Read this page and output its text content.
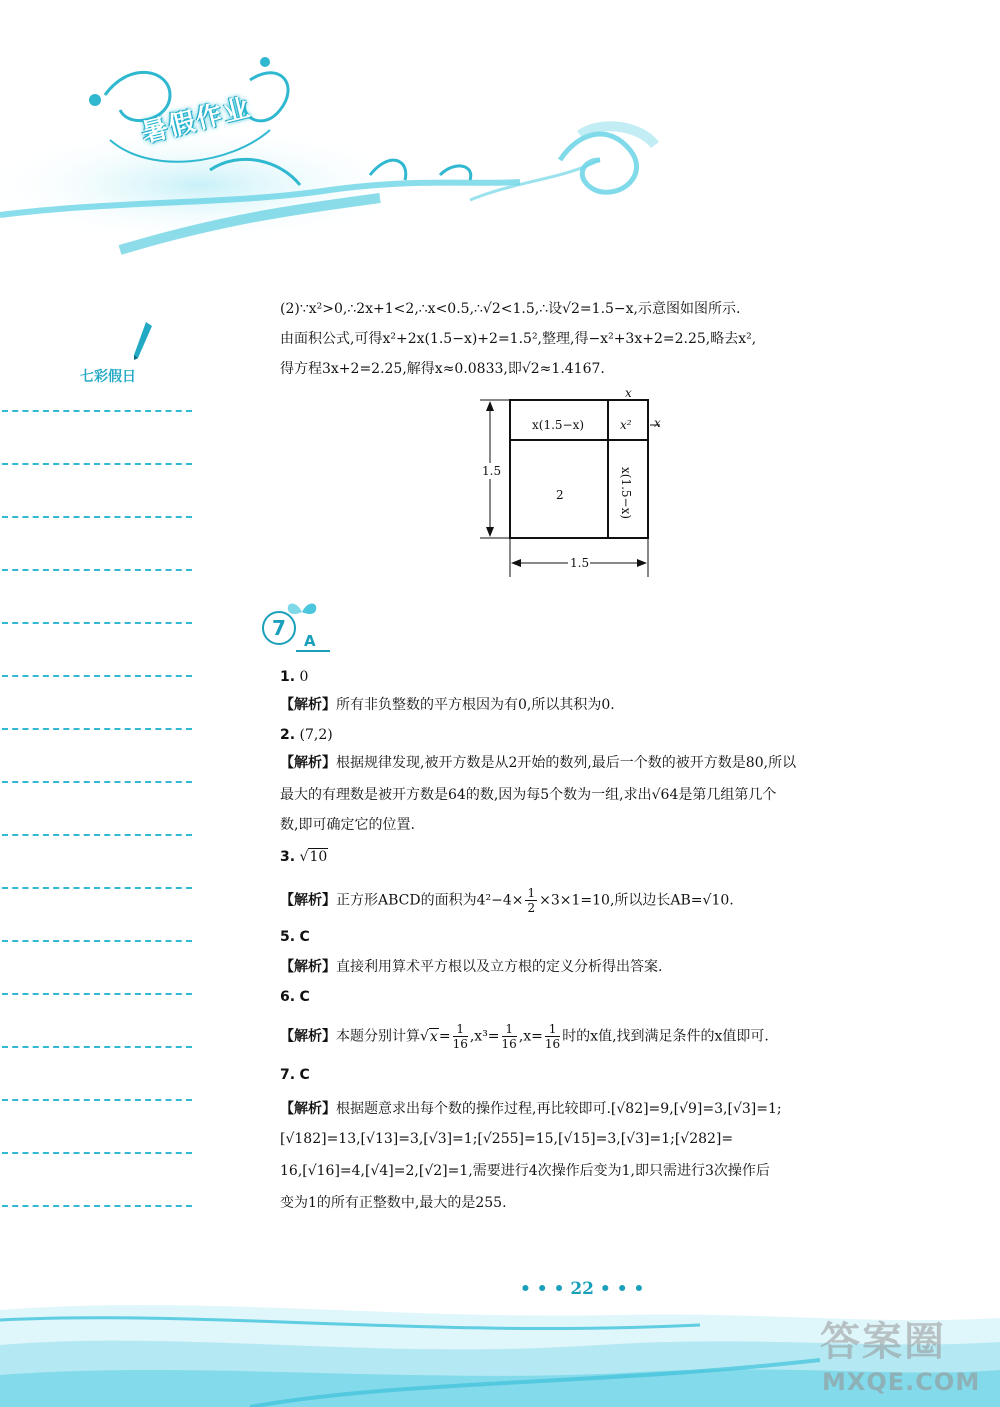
暑假作业
七彩假日
(2)∵x²>0,∴2x+1<2,∴x<0.5,∴√2<1.5,∴设√2=1.5−x,示意图如图所示.
由面积公式,可得x²+2x(1.5−x)+2=1.5²,整理,得−x²+3x+2=2.25,略去x²,
得方程3x+2=2.25,解得x≈0.0833,即√2≈1.4167.
x
x
x(1.5−x)	x²
2	x(1.5−x)
1.5
1.5
7
A
1. 0
【解析】所有非负整数的平方根因为有0,所以其积为0.
2. (7,2)
【解析】根据规律发现,被开方数是从2开始的数列,最后一个数的被开方数是80,所以
最大的有理数是被开方数是64的数,因为每5个数为一组,求出√64是第几组第几个
数,即可确定它的位置.
3. √10
【解析】正方形ABCD的面积为$4^2-4\times \frac{1}{2} \times 3\times 1=10$,所以边长AB=√10.
5. C
【解析】直接利用算术平方根以及立方根的定义分析得出答案.
6. C
【解析】本题分别计算$√x= \frac{1}{16} ,x^3= \frac{1}{16} ,x= \frac{1}{16}$ 时的x值,找到满足条件的x值即可.
7. C
【解析】根据题意求出每个数的操作过程,再比较即可.[√82]=9,[√9]=3,[√3]=1;
[√182]=13,[√13]=3,[√3]=1;[√255]=15,[√15]=3,[√3]=1;[√282]=
16,[√16]=4,[√4]=2,[√2]=1,需要进行4次操作后变为1,即只需进行3次操作后
变为1的所有正整数中,最大的是255.
• • • 22 • • •
答案圈
MXQE.COM
